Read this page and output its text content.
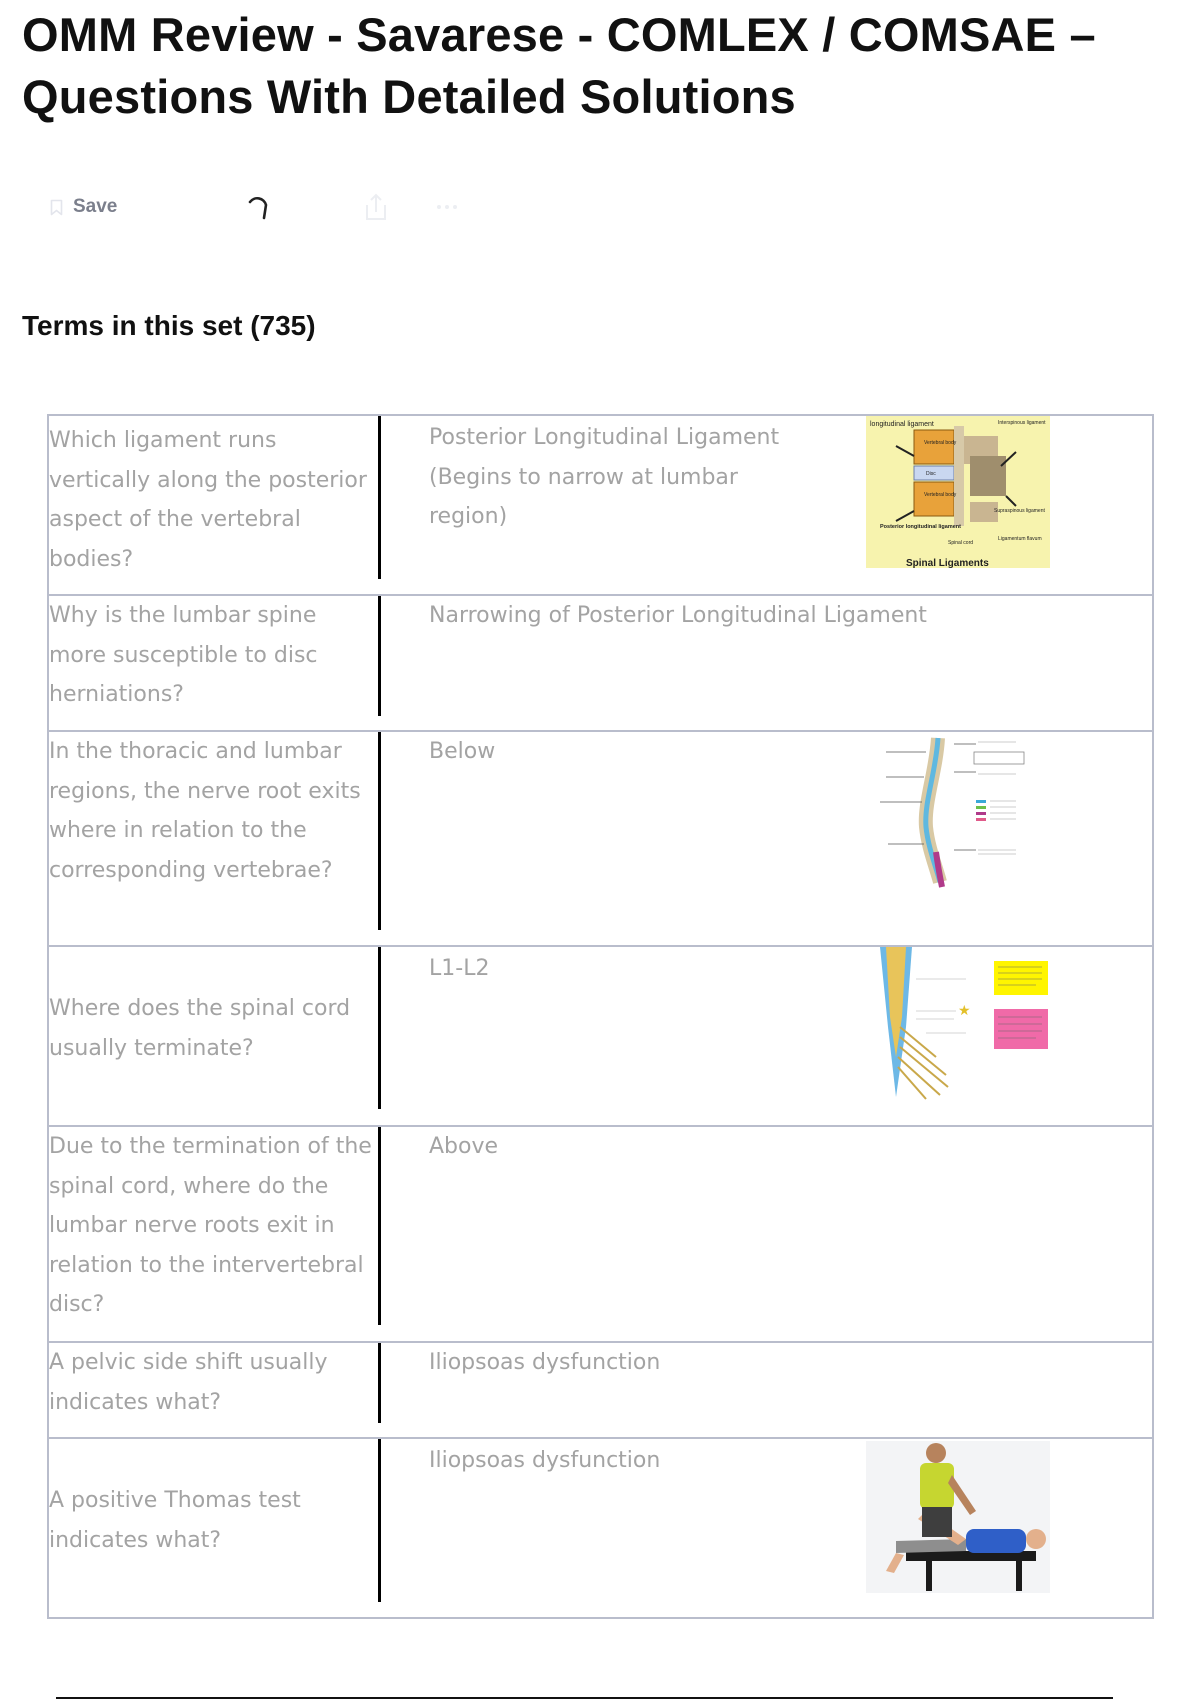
OMM Review - Savarese - COMLEX / COMSAE – Questions With Detailed Solutions
Save
Terms in this set (735)
Which ligament runs vertically along the posterior aspect of the vertebral bodies?
Posterior Longitudinal Ligament (Begins to narrow at lumbar region)
longitudinal ligament
Vertebral body
Disc
Vertebral body
Posterior longitudinal ligament
Spinal cord
Interspinous ligament
Supraspinous ligament
Ligamentum flavum
Spinal Ligaments
Why is the lumbar spine more susceptible to disc herniations?
Narrowing of Posterior Longitudinal Ligament
In the thoracic and lumbar regions, the nerve root exits where in relation to the corresponding vertebrae?
Below
Where does the spinal cord usually terminate?
L1-L2
★
Due to the termination of the spinal cord, where do the lumbar nerve roots exit in relation to the intervertebral disc?
Above
A pelvic side shift usually indicates what?
Iliopsoas dysfunction
A positive Thomas test indicates what?
Iliopsoas dysfunction
